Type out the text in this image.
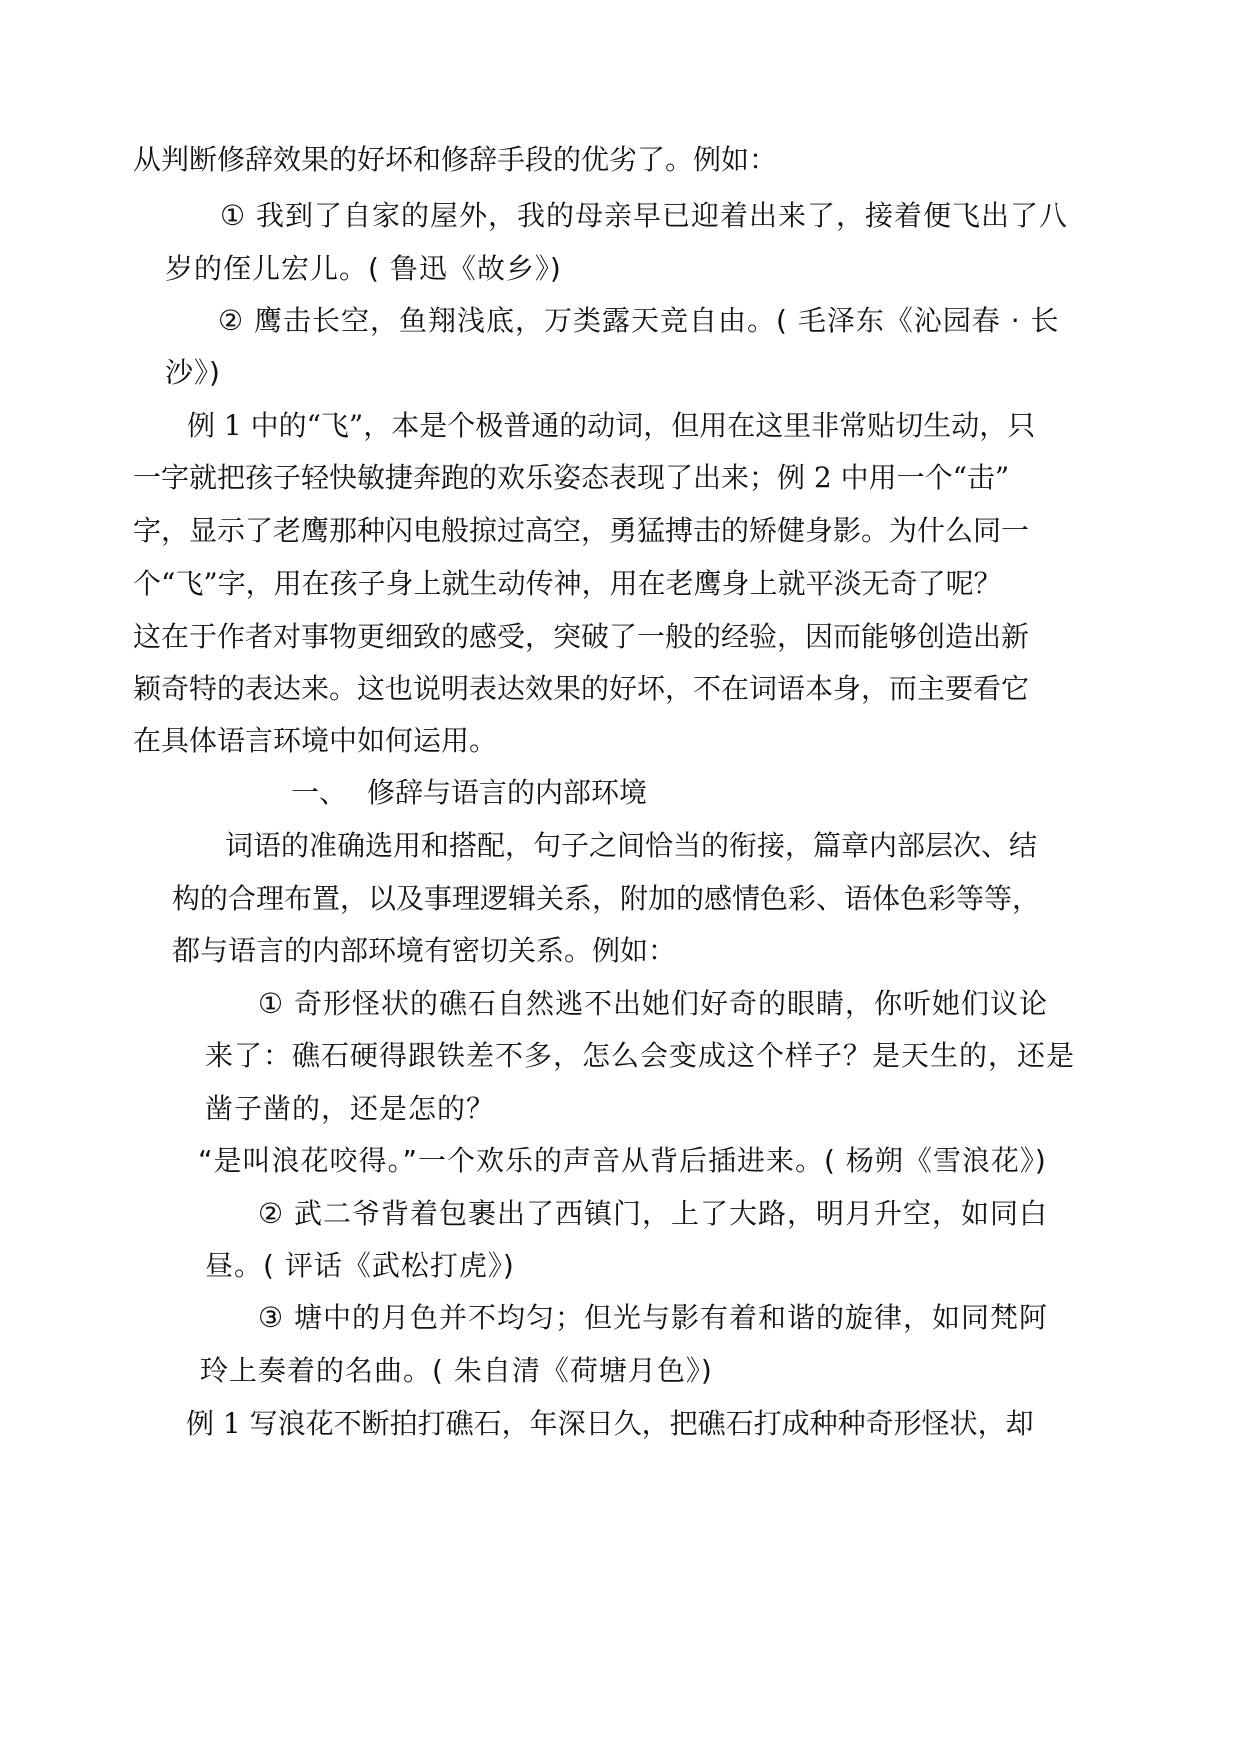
从判断修辞效果的好坏和修辞手段的优劣了。例如：
① 我到了自家的屋外，我的母亲早已迎着出来了，接着便飞出了八
岁的侄儿宏儿。( 鲁迅《故乡》)
② 鹰击长空，鱼翔浅底，万类露天竞自由。( 毛泽东《沁园春 · 长
沙》)
例 1 中的“飞”，本是个极普通的动词，但用在这里非常贴切生动，只
一字就把孩子轻快敏捷奔跑的欢乐姿态表现了出来；例 2 中用一个“击”
字，显示了老鹰那种闪电般掠过高空，勇猛搏击的矫健身影。为什么同一
个“飞”字，用在孩子身上就生动传神，用在老鹰身上就平淡无奇了呢？
这在于作者对事物更细致的感受，突破了一般的经验，因而能够创造出新
颖奇特的表达来。这也说明表达效果的好坏，不在词语本身，而主要看它
在具体语言环境中如何运用。
一、 修辞与语言的内部环境
词语的准确选用和搭配，句子之间恰当的衔接，篇章内部层次、结
构的合理布置，以及事理逻辑关系，附加的感情色彩、语体色彩等等，
都与语言的内部环境有密切关系。例如：
① 奇形怪状的礁石自然逃不出她们好奇的眼睛，你听她们议论
来了：礁石硬得跟铁差不多，怎么会变成这个样子？是天生的，还是
凿子凿的，还是怎的？
“是叫浪花咬得。”一个欢乐的声音从背后插进来。( 杨朔《雪浪花》)
② 武二爷背着包裹出了西镇门，上了大路，明月升空，如同白
昼。( 评话《武松打虎》)
③ 塘中的月色并不均匀；但光与影有着和谐的旋律，如同梵阿
玲上奏着的名曲。( 朱自清《荷塘月色》)
例 1 写浪花不断拍打礁石，年深日久，把礁石打成种种奇形怪状，却
